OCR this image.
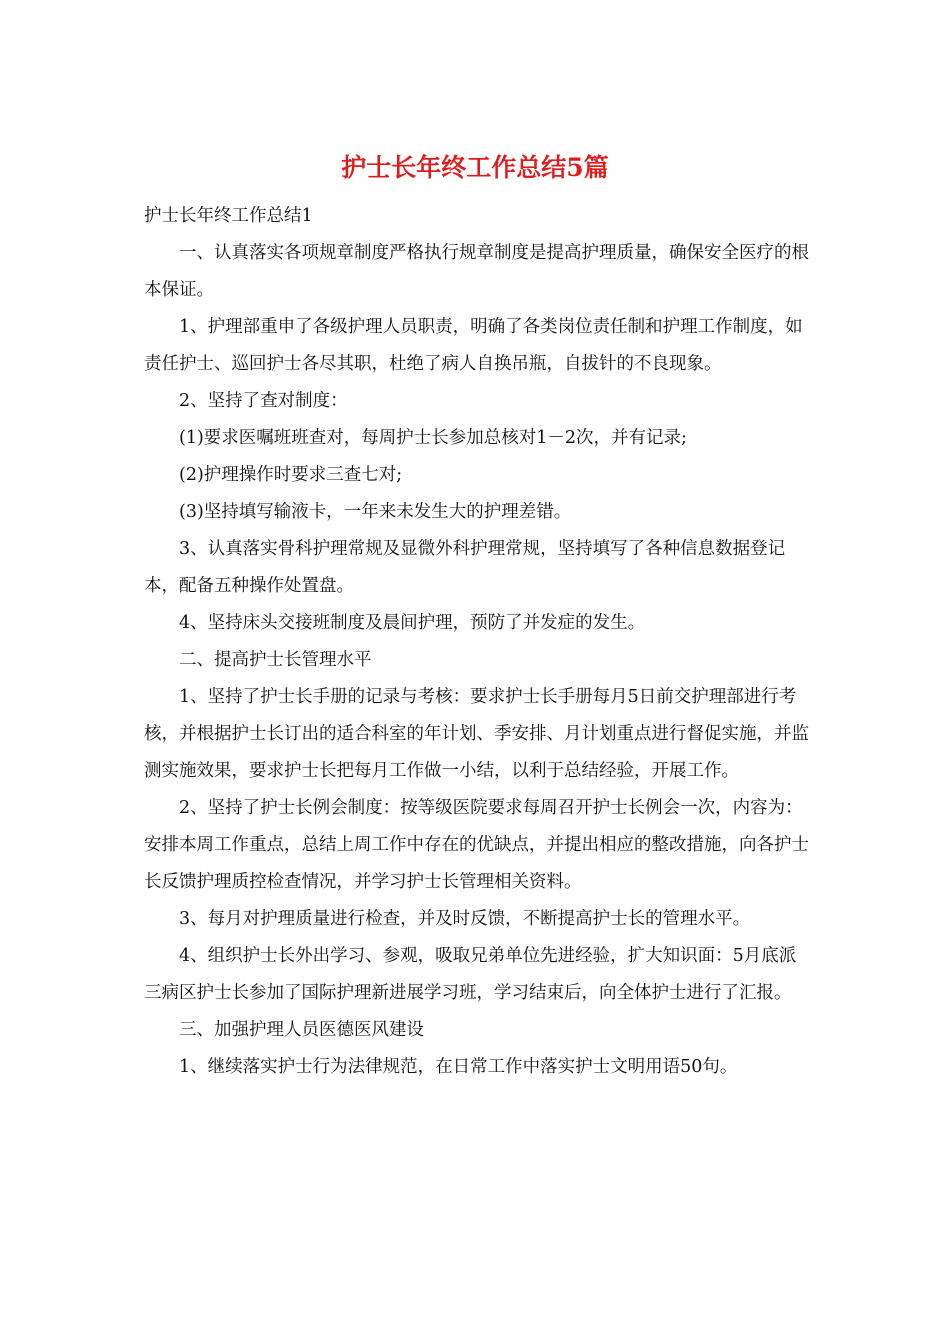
护士长年终工作总结5篇

护士长年终工作总结1

一、认真落实各项规章制度严格执行规章制度是提高护理质量，确保安全医疗的根本保证。

1、护理部重申了各级护理人员职责，明确了各类岗位责任制和护理工作制度，如责任护士、巡回护士各尽其职，杜绝了病人自换吊瓶，自拔针的不良现象。

2、坚持了查对制度：

(1)要求医嘱班班查对，每周护士长参加总核对1－2次，并有记录;

(2)护理操作时要求三查七对;

(3)坚持填写输液卡，一年来未发生大的护理差错。

3、认真落实骨科护理常规及显微外科护理常规，坚持填写了各种信息数据登记本，配备五种操作处置盘。

4、坚持床头交接班制度及晨间护理，预防了并发症的发生。

二、提高护士长管理水平

1、坚持了护士长手册的记录与考核：要求护士长手册每月5日前交护理部进行考核，并根据护士长订出的适合科室的年计划、季安排、月计划重点进行督促实施，并监测实施效果，要求护士长把每月工作做一小结，以利于总结经验，开展工作。

2、坚持了护士长例会制度：按等级医院要求每周召开护士长例会一次，内容为：安排本周工作重点，总结上周工作中存在的优缺点，并提出相应的整改措施，向各护士长反馈护理质控检查情况，并学习护士长管理相关资料。

3、每月对护理质量进行检查，并及时反馈，不断提高护士长的管理水平。

4、组织护士长外出学习、参观，吸取兄弟单位先进经验，扩大知识面：5月底派三病区护士长参加了国际护理新进展学习班，学习结束后，向全体护士进行了汇报。

三、加强护理人员医德医风建设

1、继续落实护士行为法律规范，在日常工作中落实护士文明用语50句。
